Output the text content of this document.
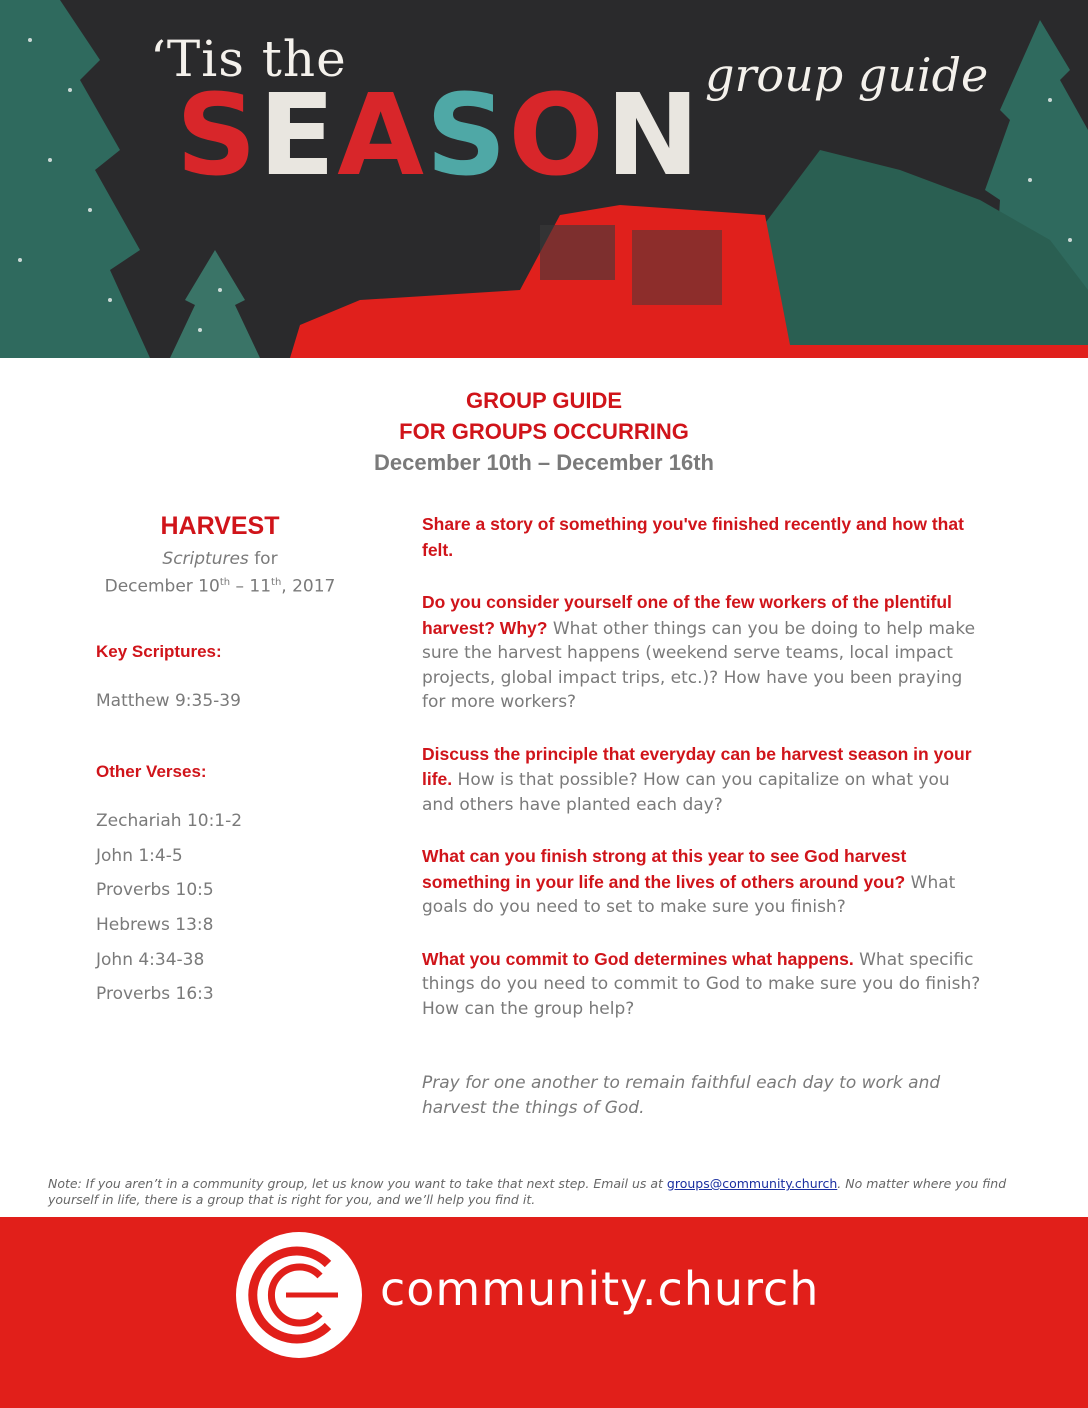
‘Tis the
SEASON group guide
GROUP GUIDE
FOR GROUPS OCCURRING
December 10th – December 16th
HARVEST
Scriptures for
December 10th – 11th, 2017
Key Scriptures:
Matthew 9:35-39
Other Verses:
Zechariah 10:1-2
John 1:4-5
Proverbs 10:5
Hebrews 13:8
John 4:34-38
Proverbs 16:3

Share a story of something you've finished recently and how that felt.

Do you consider yourself one of the few workers of the plentiful harvest? Why? What other things can you be doing to help make sure the harvest happens (weekend serve teams, local impact projects, global impact trips, etc.)? How have you been praying for more workers?

Discuss the principle that everyday can be harvest season in your life. How is that possible? How can you capitalize on what you and others have planted each day?

What can you finish strong at this year to see God harvest something in your life and the lives of others around you? What goals do you need to set to make sure you finish?

What you commit to God determines what happens. What specific things do you need to commit to God to make sure you do finish? How can the group help?

Pray for one another to remain faithful each day to work and harvest the things of God.
Note: If you aren’t in a community group, let us know you want to take that next step. Email us at groups@community.church. No matter where you find yourself in life, there is a group that is right for you, and we’ll help you find it.
community.church
